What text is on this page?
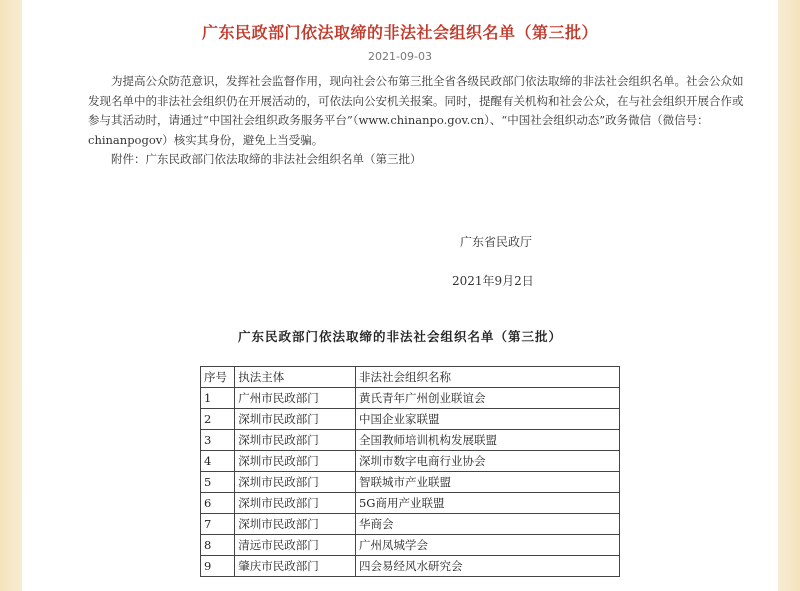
广东民政部门依法取缔的非法社会组织名单（第三批）
2021-09-03

为提高公众防范意识，发挥社会监督作用，现向社会公布第三批全省各级民政部门依法取缔的非法社会组织名单。社会公众如发现名单中的非法社会组织仍在开展活动的，可依法向公安机关报案。同时，提醒有关机构和社会公众，在与社会组织开展合作或参与其活动时，请通过“中国社会组织政务服务平台”（www.chinanpo.gov.cn）、“中国社会组织动态”政务微信（微信号：chinanpogov）核实其身份，避免上当受骗。

附件：广东民政部门依法取缔的非法社会组织名单（第三批）

广东省民政厅
2021年9月2日
广东民政部门依法取缔的非法社会组织名单（第三批）
序号	执法主体	非法社会组织名称
1	广州市民政部门	黄氏青年广州创业联谊会
2	深圳市民政部门	中国企业家联盟
3	深圳市民政部门	全国教师培训机构发展联盟
4	深圳市民政部门	深圳市数字电商行业协会
5	深圳市民政部门	智联城市产业联盟
6	深圳市民政部门	5G商用产业联盟
7	深圳市民政部门	华商会
8	清远市民政部门	广州凤城学会
9	肇庆市民政部门	四会易经风水研究会
